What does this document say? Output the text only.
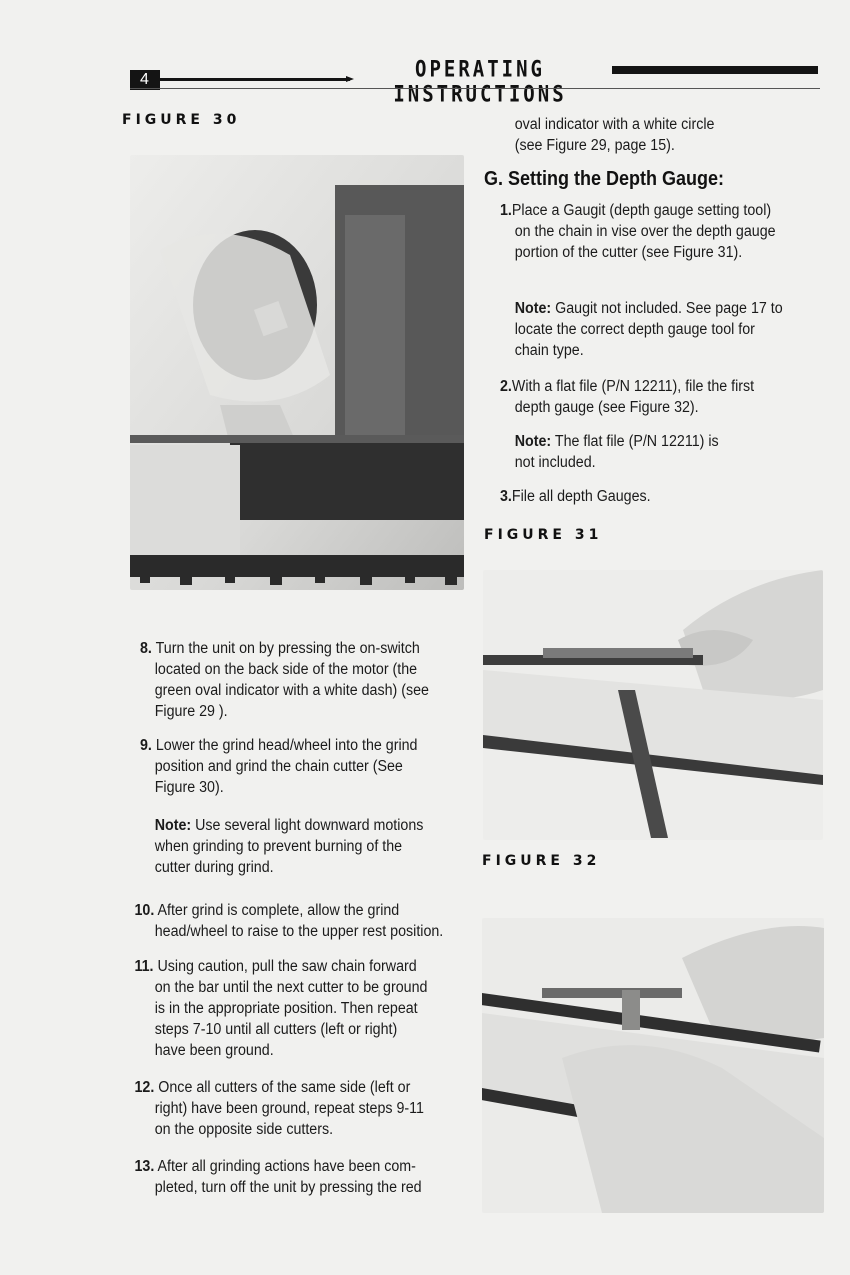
4	OPERATING INSTRUCTIONS
FIGURE 30
8. Turn the unit on by pressing the on-switch
located on the back side of the motor (the
green oval indicator with a white dash) (see
Figure 29 ).
9. Lower the grind head/wheel into the grind
position and grind the chain cutter (See
Figure 30).
Note: Use several light downward motions
when grinding to prevent burning of the
cutter during grind.
10. After grind is complete, allow the grind
head/wheel to raise to the upper rest position.
11. Using caution, pull the saw chain forward
on the bar until the next cutter to be ground
is in the appropriate position. Then repeat
steps 7-10 until all cutters (left or right)
have been ground.
12. Once all cutters of the same side (left or
right) have been ground, repeat steps 9-11
on the opposite side cutters.
13. After all grinding actions have been com-
pleted, turn off the unit by pressing the red
oval indicator with a white circle
(see Figure 29, page 15).
G. Setting the Depth Gauge:
1.Place a Gaugit (depth gauge setting tool)
on the chain in vise over the depth gauge
portion of the cutter (see Figure 31).
Note: Gaugit not included. See page 17 to
locate the correct depth gauge tool for
chain type.
2.With a flat file (P/N 12211), file the first
depth gauge (see Figure 32).
Note: The flat file (P/N 12211) is
not included.
3.File all depth Gauges.
FIGURE 31
FIGURE 32
